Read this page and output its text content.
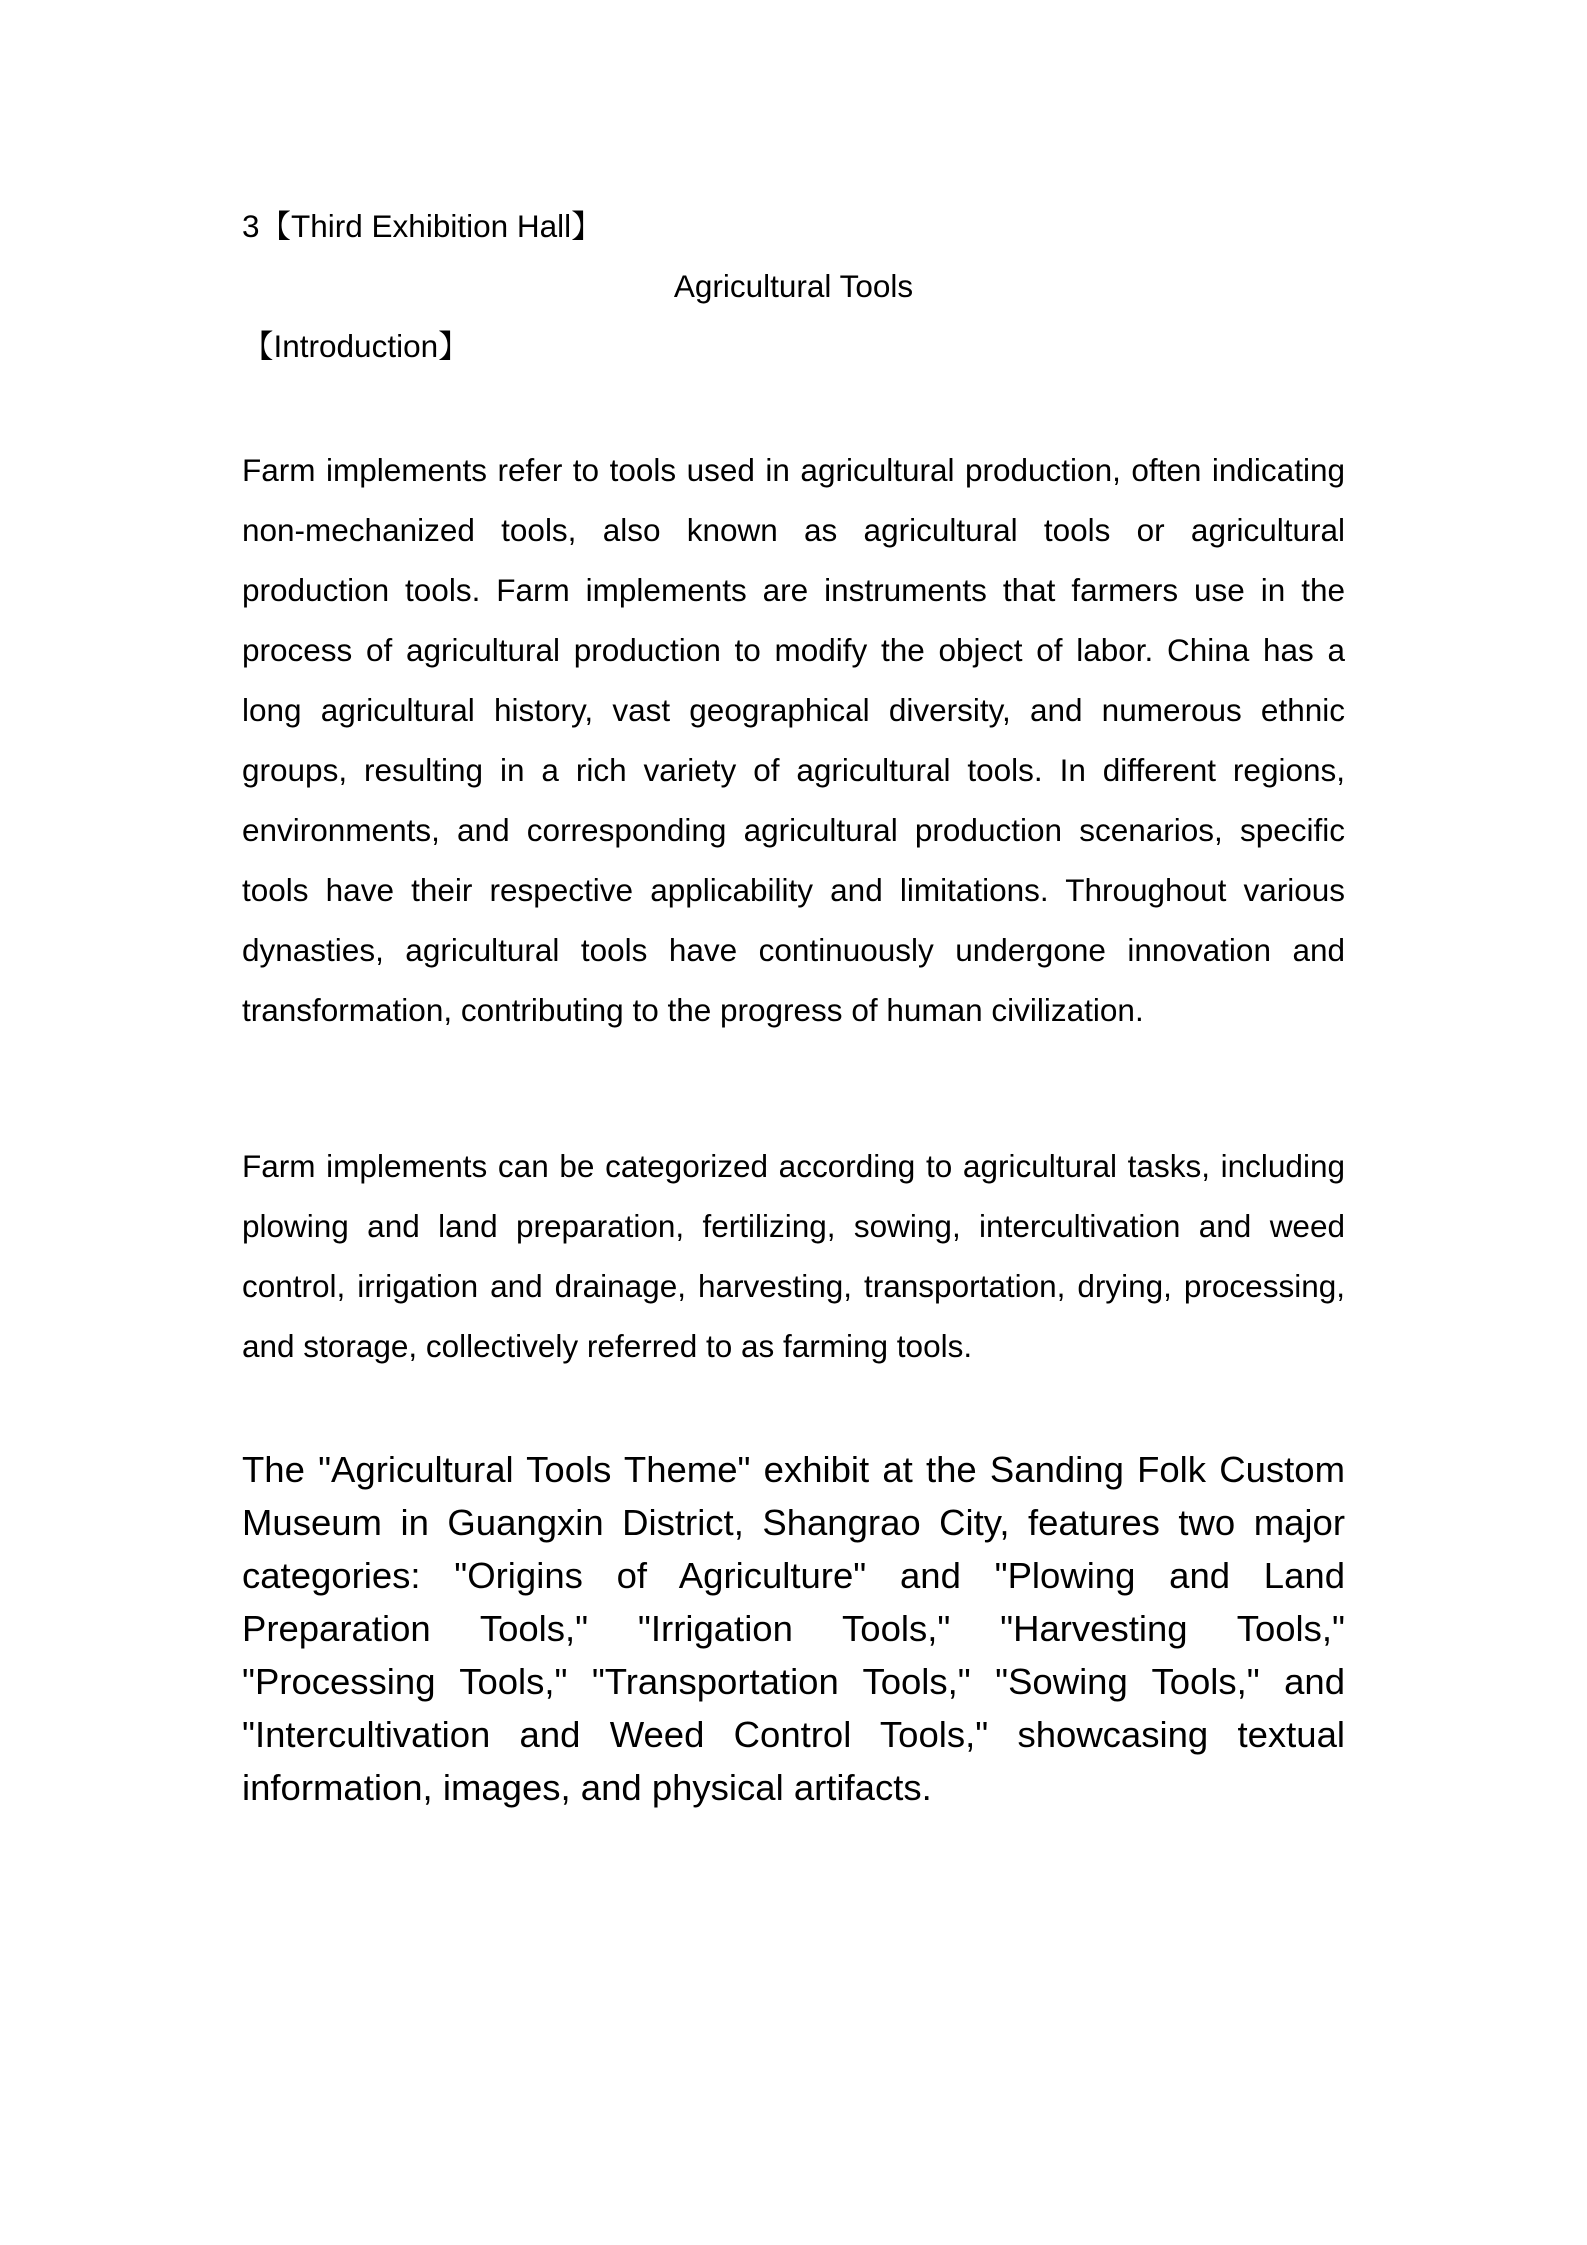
3【Third Exhibition Hall】
Agricultural Tools
【Introduction】
Farm implements refer to tools used in agricultural production, often indicating
non-mechanized tools, also known as agricultural tools or agricultural
production tools. Farm implements are instruments that farmers use in the
process of agricultural production to modify the object of labor. China has a
long agricultural history, vast geographical diversity, and numerous ethnic
groups, resulting in a rich variety of agricultural tools. In different regions,
environments, and corresponding agricultural production scenarios, specific
tools have their respective applicability and limitations. Throughout various
dynasties, agricultural tools have continuously undergone innovation and
transformation, contributing to the progress of human civilization.
Farm implements can be categorized according to agricultural tasks, including
plowing and land preparation, fertilizing, sowing, intercultivation and weed
control, irrigation and drainage, harvesting, transportation, drying, processing,
and storage, collectively referred to as farming tools.
The "Agricultural Tools Theme" exhibit at the Sanding Folk Custom
Museum in Guangxin District, Shangrao City, features two major
categories: "Origins of Agriculture" and "Plowing and Land
Preparation Tools," "Irrigation Tools," "Harvesting Tools,"
"Processing Tools," "Transportation Tools," "Sowing Tools," and
"Intercultivation and Weed Control Tools," showcasing textual
information, images, and physical artifacts.
